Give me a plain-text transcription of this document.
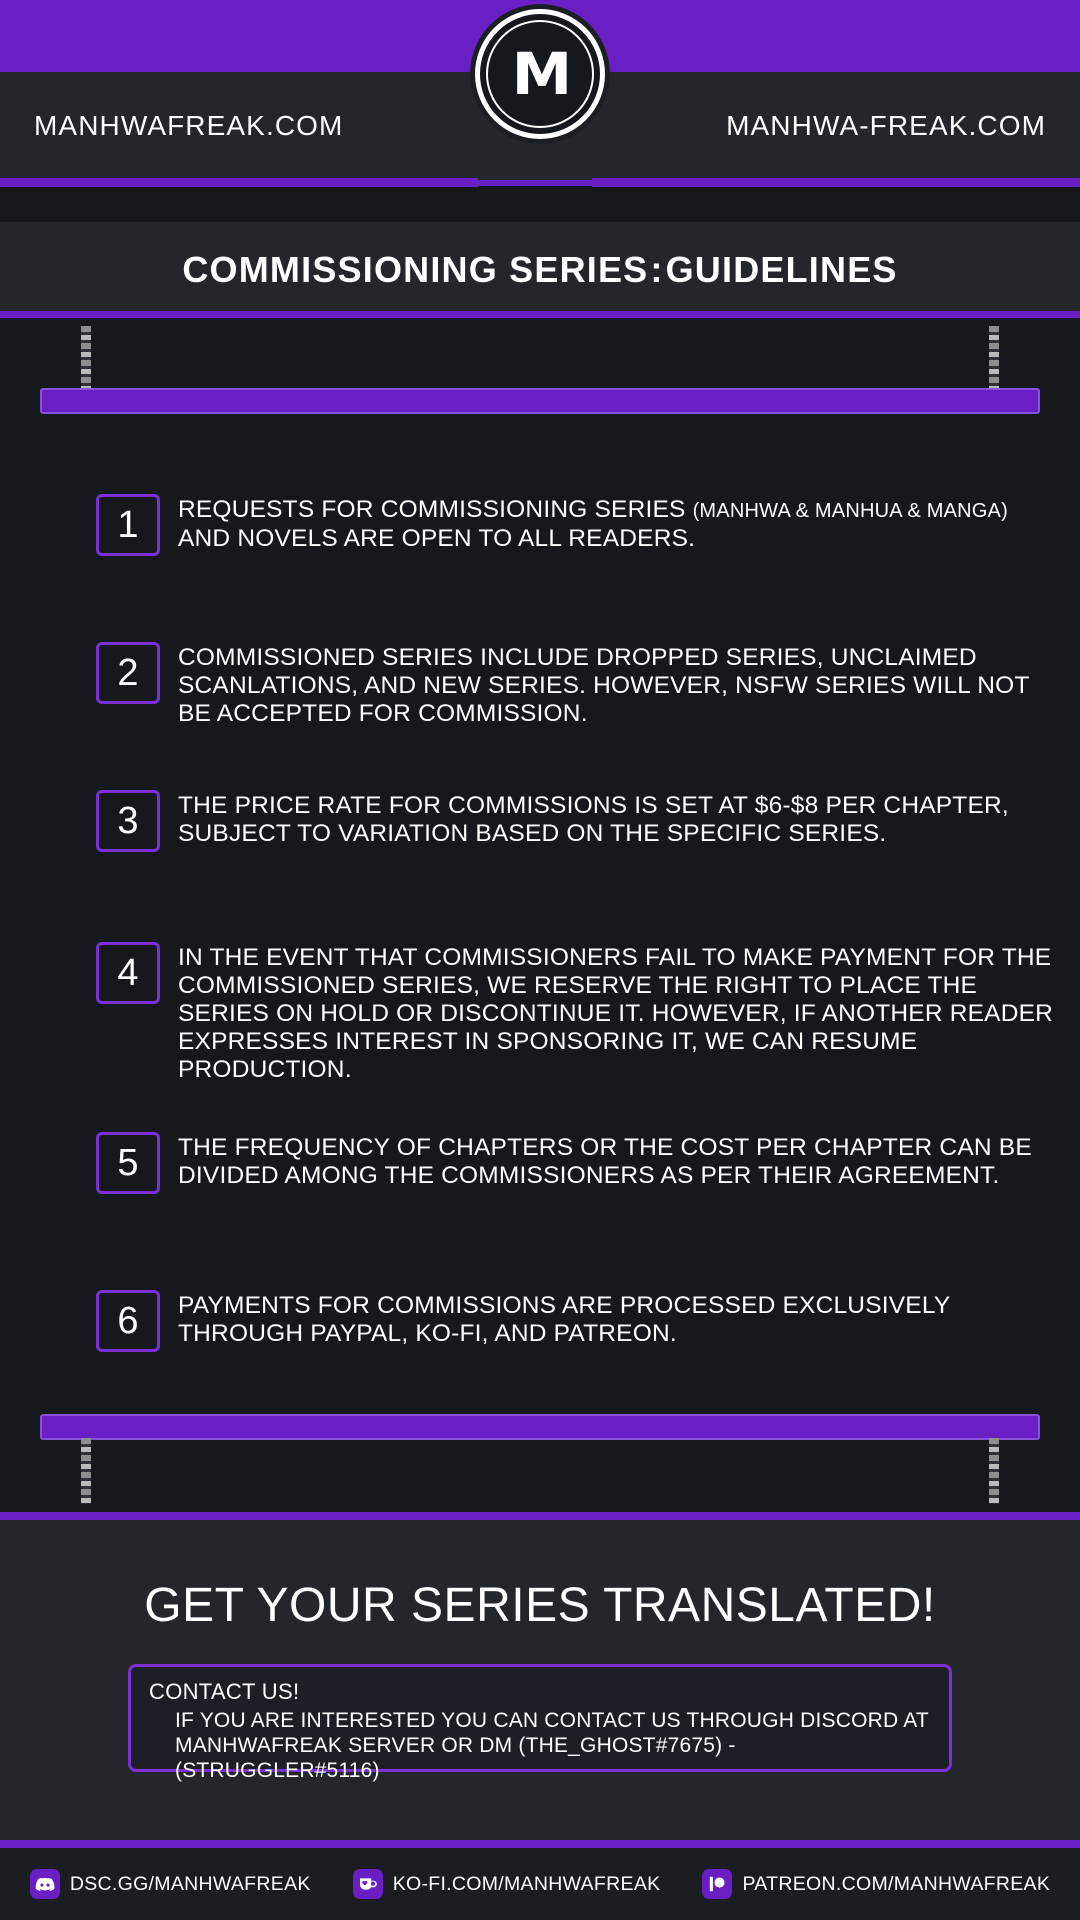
MANHWAFREAK.COM	MANHWA-FREAK.COM
M
COMMISSIONING SERIES:GUIDELINES
1	REQUESTS FOR COMMISSIONING SERIES (MANHWA & MANHUA & MANGA) AND NOVELS ARE OPEN TO ALL READERS.
2	COMMISSIONED SERIES INCLUDE DROPPED SERIES, UNCLAIMED SCANLATIONS, AND NEW SERIES. HOWEVER, NSFW SERIES WILL NOT BE ACCEPTED FOR COMMISSION.
3	THE PRICE RATE FOR COMMISSIONS IS SET AT $6-$8 PER CHAPTER, SUBJECT TO VARIATION BASED ON THE SPECIFIC SERIES.
4	IN THE EVENT THAT COMMISSIONERS FAIL TO MAKE PAYMENT FOR THE COMMISSIONED SERIES, WE RESERVE THE RIGHT TO PLACE THE SERIES ON HOLD OR DISCONTINUE IT. HOWEVER, IF ANOTHER READER EXPRESSES INTEREST IN SPONSORING IT, WE CAN RESUME PRODUCTION.
5	THE FREQUENCY OF CHAPTERS OR THE COST PER CHAPTER CAN BE DIVIDED AMONG THE COMMISSIONERS AS PER THEIR AGREEMENT.
6	PAYMENTS FOR COMMISSIONS ARE PROCESSED EXCLUSIVELY THROUGH PAYPAL, KO-FI, AND PATREON.
GET YOUR SERIES TRANSLATED!
CONTACT US!
IF YOU ARE INTERESTED YOU CAN CONTACT US THROUGH DISCORD AT MANHWAFREAK SERVER OR DM (THE_GHOST#7675) - (STRUGGLER#5116)
DSC.GG/MANHWAFREAK	KO-FI.COM/MANHWAFREAK	PATREON.COM/MANHWAFREAK
